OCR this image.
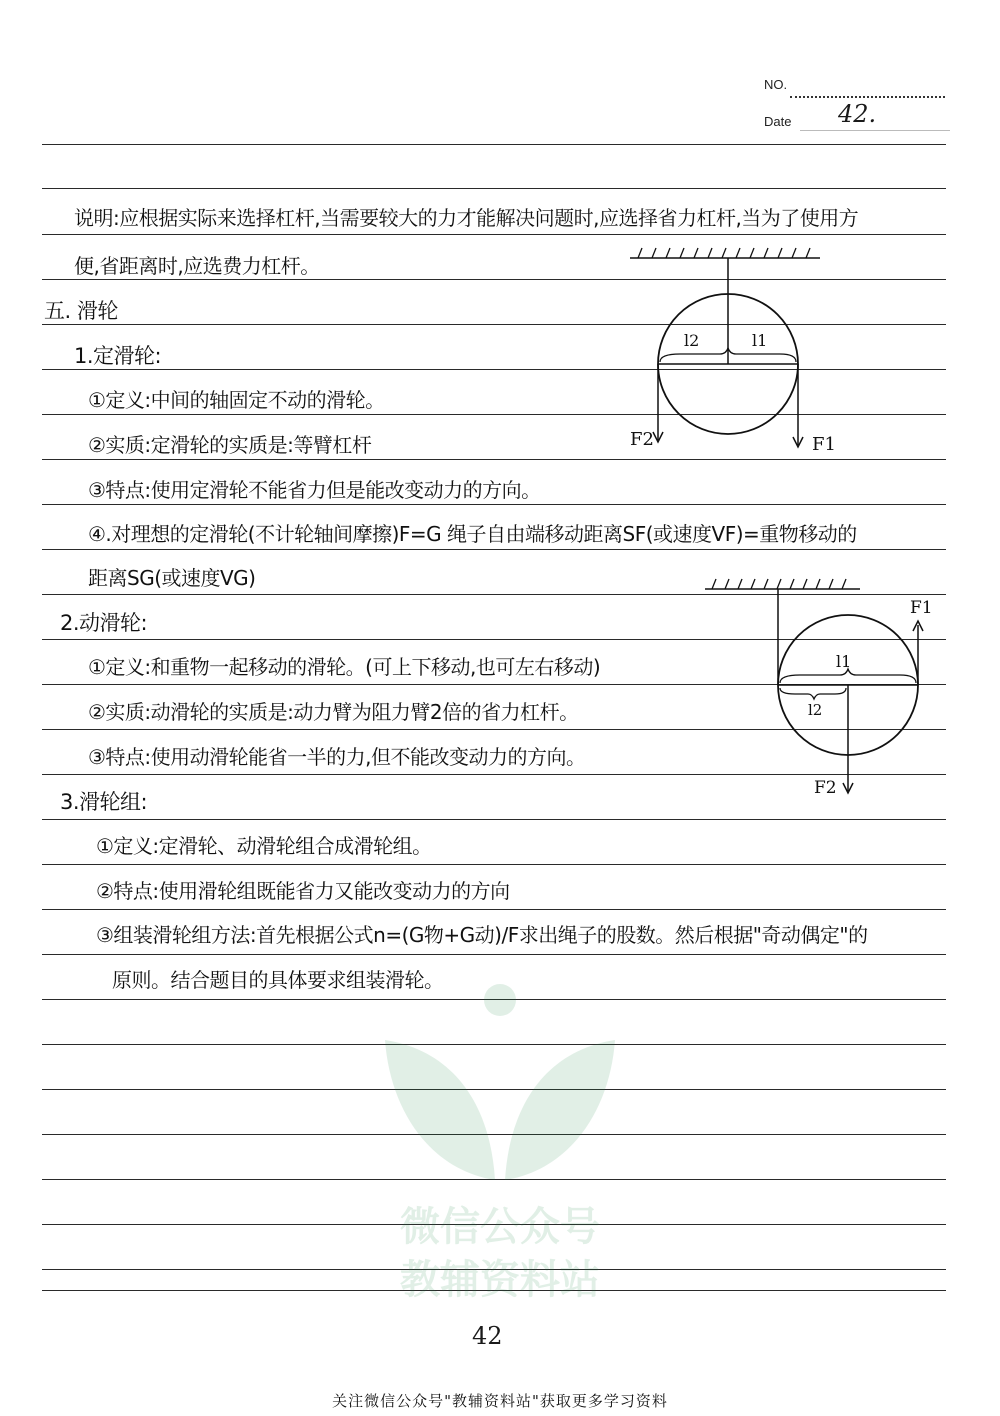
NO.
Date 42.
微信公众号
教辅资料站
说明:应根据实际来选择杠杆,当需要较大的力才能解决问题时,应选择省力杠杆,当为了使用方
便,省距离时,应选费力杠杆。
五. 滑轮
1.定滑轮:
①定义:中间的轴固定不动的滑轮。
②实质:定滑轮的实质是:等臂杠杆
③特点:使用定滑轮不能省力但是能改变动力的方向。
④.对理想的定滑轮(不计轮轴间摩擦)F=G 绳子自由端移动距离SF(或速度VF)=重物移动的
距离SG(或速度VG)
2.动滑轮:
①定义:和重物一起移动的滑轮。(可上下移动,也可左右移动)
②实质:动滑轮的实质是:动力臂为阻力臂2倍的省力杠杆。
③特点:使用动滑轮能省一半的力,但不能改变动力的方向。
3.滑轮组:
①定义:定滑轮、动滑轮组合成滑轮组。
②特点:使用滑轮组既能省力又能改变动力的方向
③组装滑轮组方法:首先根据公式n=(G物+G动)/F求出绳子的股数。然后根据"奇动偶定"的
原则。结合题目的具体要求组装滑轮。
l2	l1
F2	F1
l1
l2
F1
F2
42
关注微信公众号"教辅资料站"获取更多学习资料
